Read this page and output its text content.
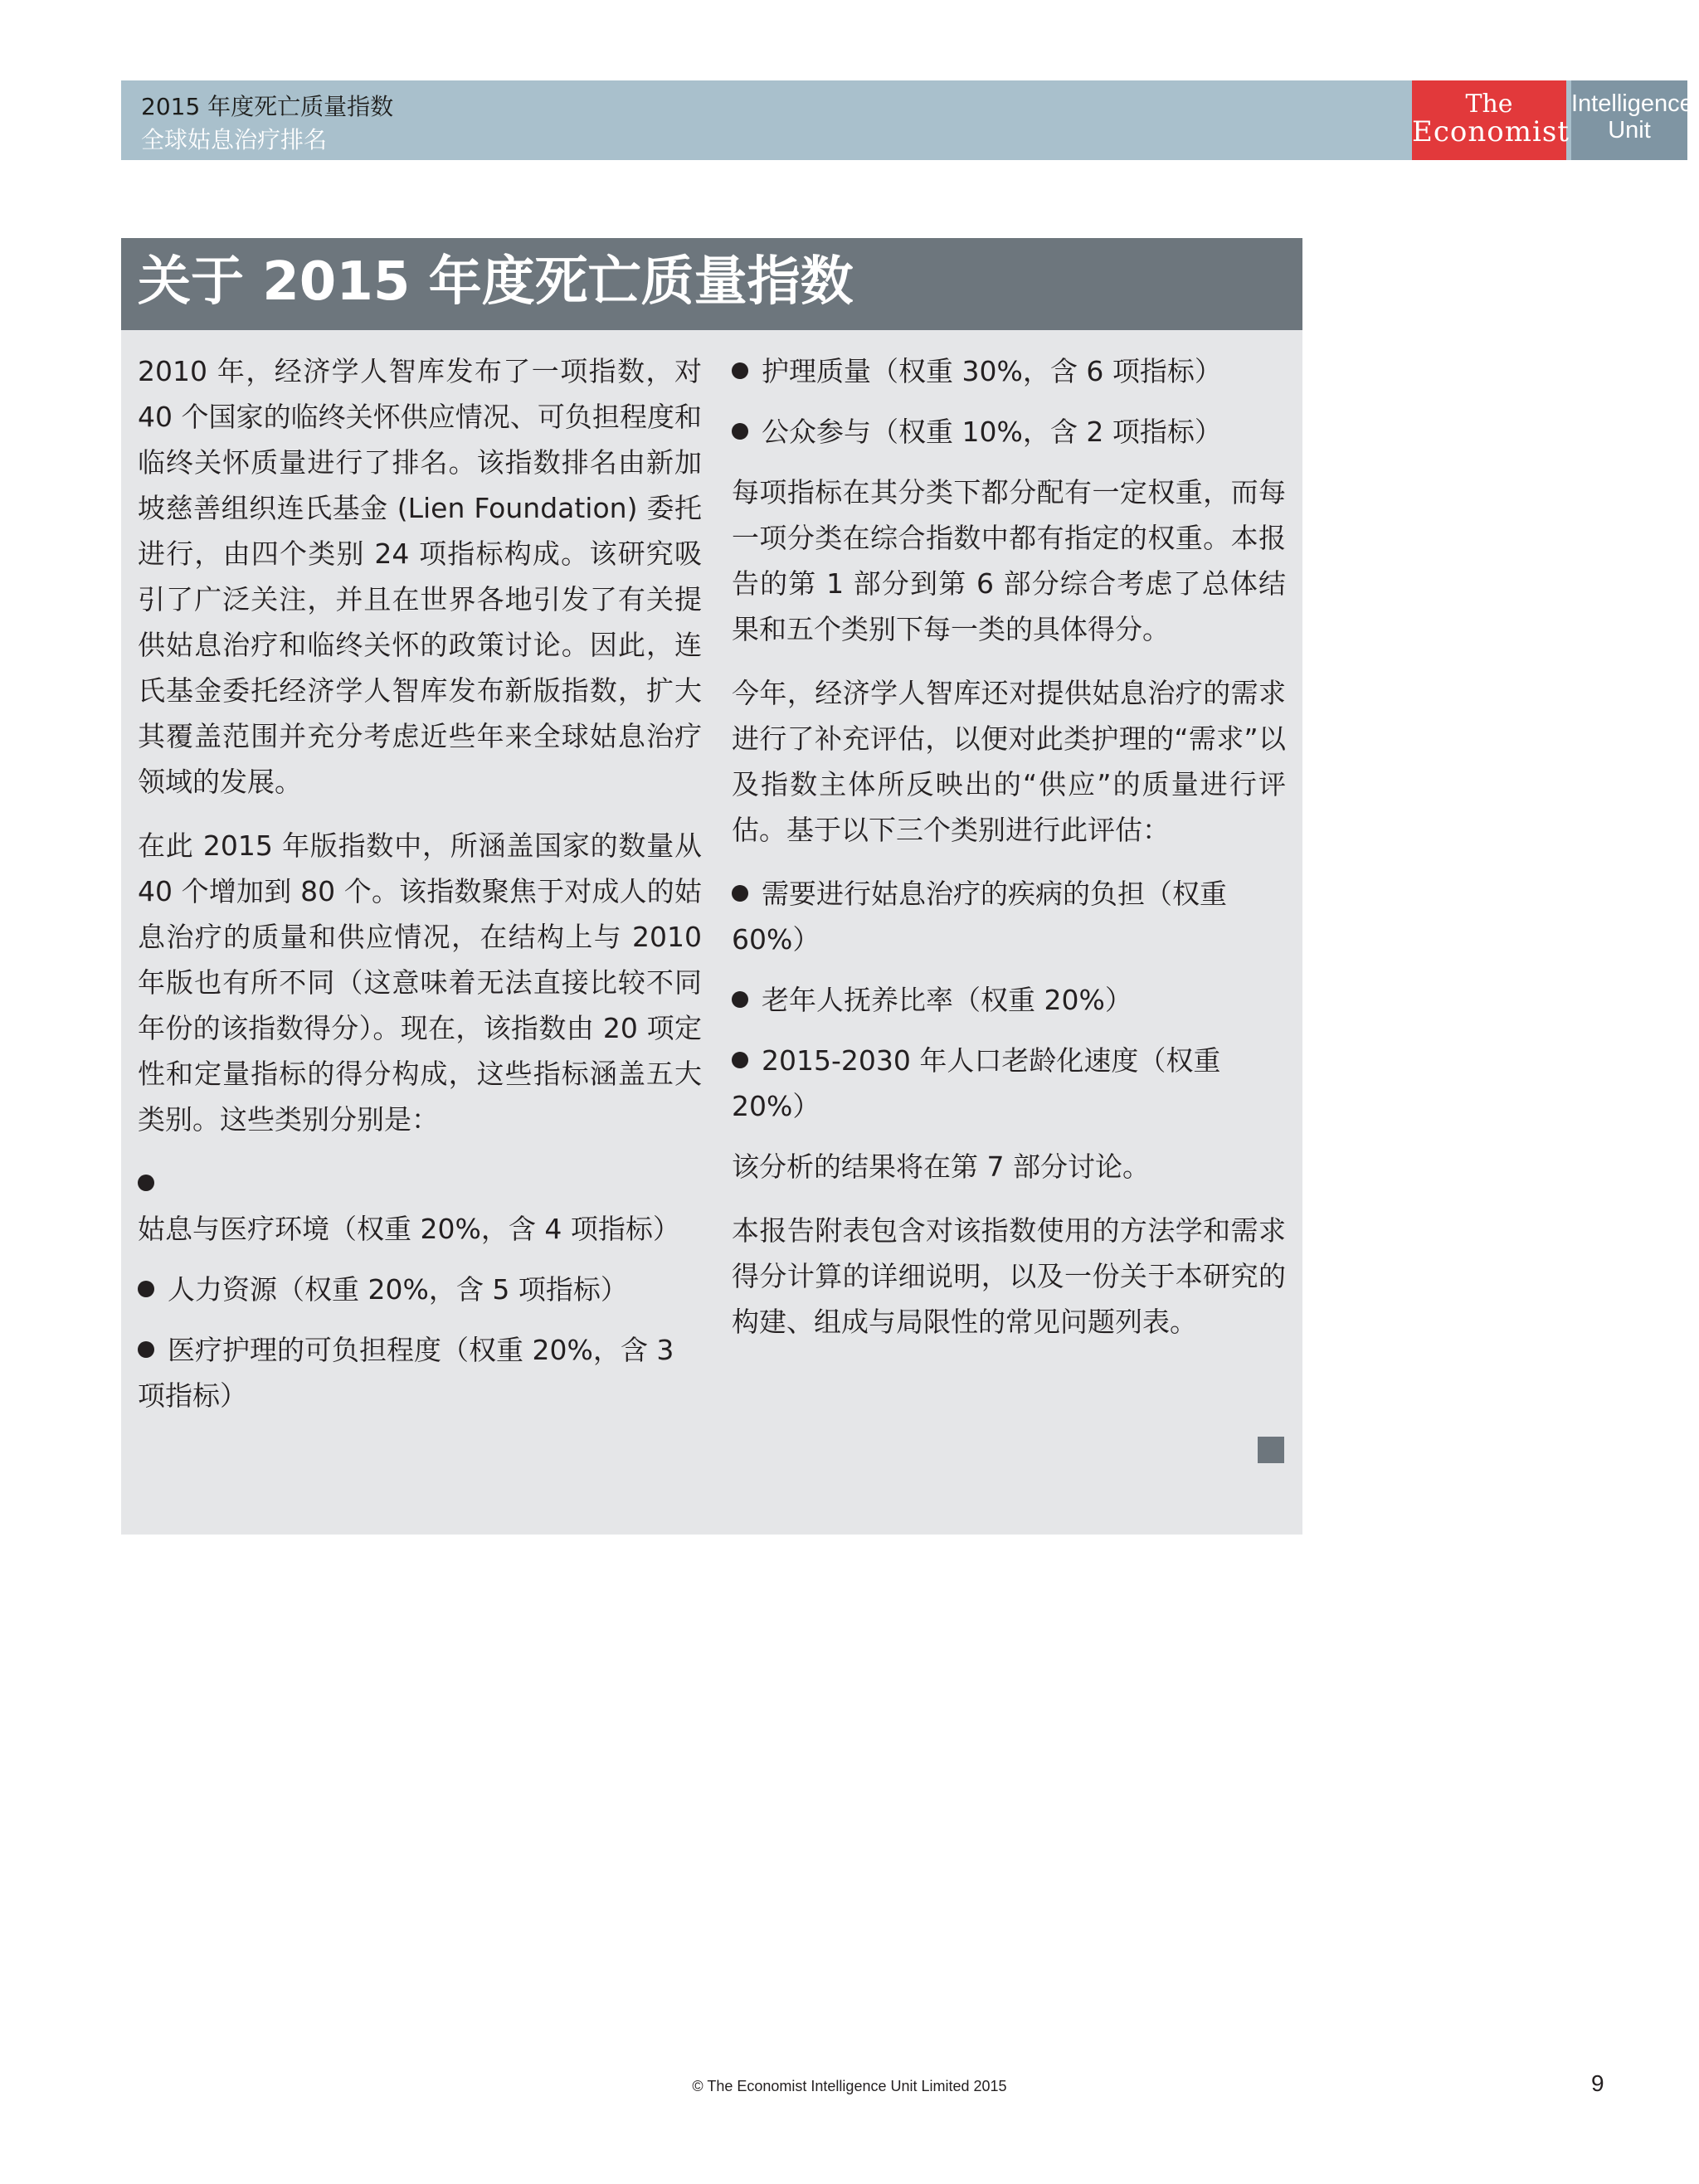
2015 年度死亡质量指数
全球姑息治疗排名
The
Economist
Intelligence
Unit
关于 2015 年度死亡质量指数

2010 年，经济学人智库发布了一项指数，对 40 个国家的临终关怀供应情况、可负担程度和临终关怀质量进行了排名。该指数排名由新加坡慈善组织连氏基金 (Lien Foundation) 委托进行，由四个类别 24 项指标构成。该研究吸引了广泛关注，并且在世界各地引发了有关提供姑息治疗和临终关怀的政策讨论。因此，连氏基金委托经济学人智库发布新版指数，扩大其覆盖范围并充分考虑近些年来全球姑息治疗领域的发展。

在此 2015 年版指数中，所涵盖国家的数量从 40 个增加到 80 个。该指数聚焦于对成人的姑息治疗的质量和供应情况，在结构上与 2010 年版也有所不同（这意味着无法直接比较不同年份的该指数得分）。现在，该指数由 20 项定性和定量指标的得分构成，这些指标涵盖五大类别。这些类别分别是：

姑息与医疗环境（权重 20%，含 4 项指标）
人力资源（权重 20%，含 5 项指标）
医疗护理的可负担程度（权重 20%，含 3 项指标）
护理质量（权重 30%，含 6 项指标）
公众参与（权重 10%，含 2 项指标）

每项指标在其分类下都分配有一定权重，而每一项分类在综合指数中都有指定的权重。本报告的第 1 部分到第 6 部分综合考虑了总体结果和五个类别下每一类的具体得分。

今年，经济学人智库还对提供姑息治疗的需求进行了补充评估，以便对此类护理的“需求”以及指数主体所反映出的“供应”的质量进行评估。基于以下三个类别进行此评估：

需要进行姑息治疗的疾病的负担（权重 60%）
老年人抚养比率（权重 20%）
2015-2030 年人口老龄化速度（权重 20%）

该分析的结果将在第 7 部分讨论。

本报告附表包含对该指数使用的方法学和需求得分计算的详细说明，以及一份关于本研究的构建、组成与局限性的常见问题列表。

© The Economist Intelligence Unit Limited 2015	9
